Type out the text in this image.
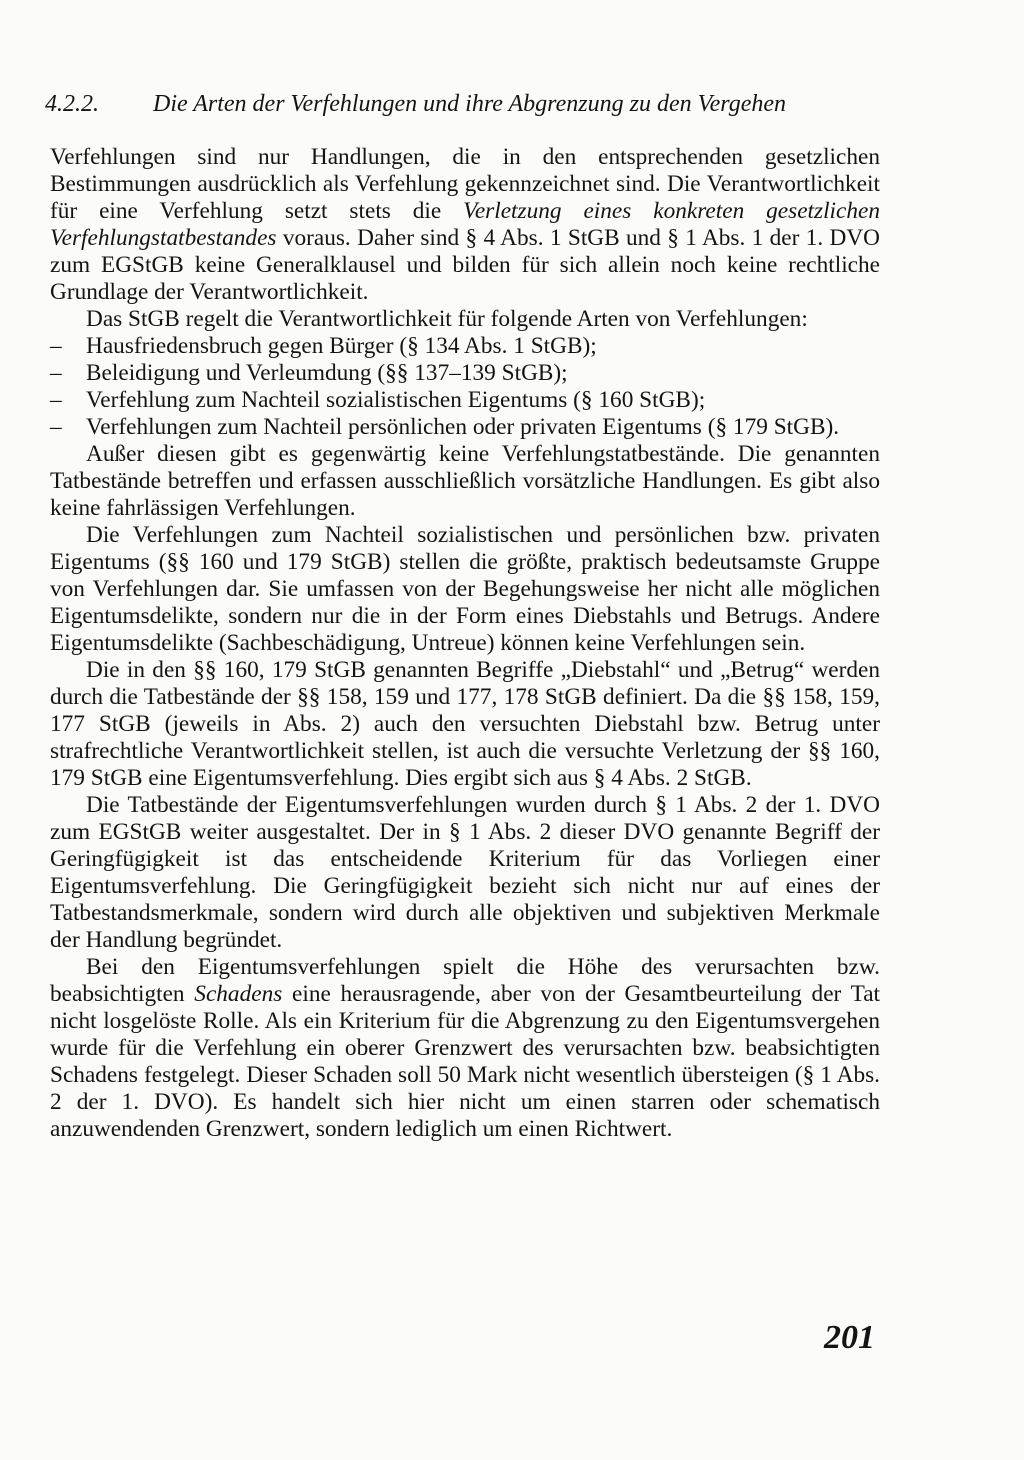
4.2.2. Die Arten der Verfehlungen und ihre Abgrenzung zu den Vergehen

Verfehlungen sind nur Handlungen, die in den entsprechenden gesetzlichen Bestimmungen ausdrücklich als Verfehlung gekennzeichnet sind. Die Verantwortlichkeit für eine Verfehlung setzt stets die Verletzung eines konkreten gesetzlichen Verfehlungstatbestandes voraus. Daher sind § 4 Abs. 1 StGB und § 1 Abs. 1 der 1. DVO zum EGStGB keine Generalklausel und bilden für sich allein noch keine rechtliche Grundlage der Verantwortlichkeit.

Das StGB regelt die Verantwortlichkeit für folgende Arten von Verfehlungen:

– Hausfriedensbruch gegen Bürger (§ 134 Abs. 1 StGB);
– Beleidigung und Verleumdung (§§ 137–139 StGB);
– Verfehlung zum Nachteil sozialistischen Eigentums (§ 160 StGB);
– Verfehlungen zum Nachteil persönlichen oder privaten Eigentums (§ 179 StGB).

Außer diesen gibt es gegenwärtig keine Verfehlungstatbestände. Die genannten Tatbestände betreffen und erfassen ausschließlich vorsätzliche Handlungen. Es gibt also keine fahrlässigen Verfehlungen.

Die Verfehlungen zum Nachteil sozialistischen und persönlichen bzw. privaten Eigentums (§§ 160 und 179 StGB) stellen die größte, praktisch bedeutsamste Gruppe von Verfehlungen dar. Sie umfassen von der Begehungsweise her nicht alle möglichen Eigentumsdelikte, sondern nur die in der Form eines Diebstahls und Betrugs. Andere Eigentumsdelikte (Sachbeschädigung, Untreue) können keine Verfehlungen sein.

Die in den §§ 160, 179 StGB genannten Begriffe „Diebstahl“ und „Betrug“ werden durch die Tatbestände der §§ 158, 159 und 177, 178 StGB definiert. Da die §§ 158, 159, 177 StGB (jeweils in Abs. 2) auch den versuchten Diebstahl bzw. Betrug unter strafrechtliche Verantwortlichkeit stellen, ist auch die versuchte Verletzung der §§ 160, 179 StGB eine Eigentumsverfehlung. Dies ergibt sich aus § 4 Abs. 2 StGB.

Die Tatbestände der Eigentumsverfehlungen wurden durch § 1 Abs. 2 der 1. DVO zum EGStGB weiter ausgestaltet. Der in § 1 Abs. 2 dieser DVO genannte Begriff der Geringfügigkeit ist das entscheidende Kriterium für das Vorliegen einer Eigentumsverfehlung. Die Geringfügigkeit bezieht sich nicht nur auf eines der Tatbestandsmerkmale, sondern wird durch alle objektiven und subjektiven Merkmale der Handlung begründet.

Bei den Eigentumsverfehlungen spielt die Höhe des verursachten bzw. beabsichtigten Schadens eine herausragende, aber von der Gesamtbeurteilung der Tat nicht losgelöste Rolle. Als ein Kriterium für die Abgrenzung zu den Eigentumsvergehen wurde für die Verfehlung ein oberer Grenzwert des verursachten bzw. beabsichtigten Schadens festgelegt. Dieser Schaden soll 50 Mark nicht wesentlich übersteigen (§ 1 Abs. 2 der 1. DVO). Es handelt sich hier nicht um einen starren oder schematisch anzuwendenden Grenzwert, sondern lediglich um einen Richtwert.

201
